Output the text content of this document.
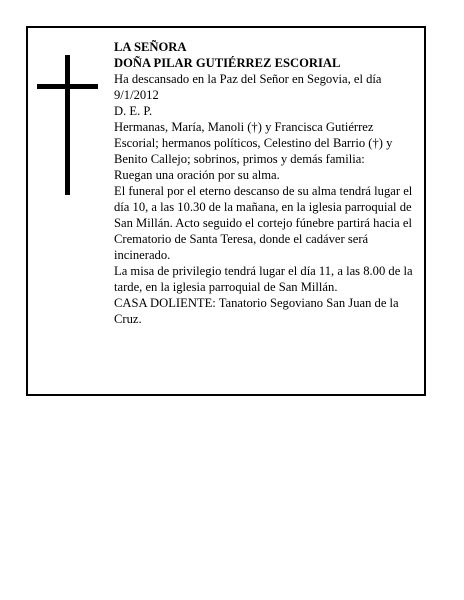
LA SEÑORA

DOÑA PILAR GUTIÉRREZ ESCORIAL

Ha descansado en la Paz del Señor en Segovia, el día 9/1/2012

D. E. P.

Hermanas, María, Manoli (†) y Francisca Gutiérrez Escorial; hermanos políticos, Celestino del Barrio (†) y Benito Callejo; sobrinos, primos y demás familia:

Ruegan una oración por su alma.

El funeral por el eterno descanso de su alma tendrá lugar el día 10, a las 10.30 de la mañana, en la iglesia parroquial de San Millán. Acto seguido el cortejo fúnebre partirá hacia el Crematorio de Santa Teresa, donde el cadáver será incinerado.

La misa de privilegio tendrá lugar el día 11, a las 8.00 de la tarde, en la iglesia parroquial de San Millán.

CASA DOLIENTE: Tanatorio Segoviano San Juan de la Cruz.
